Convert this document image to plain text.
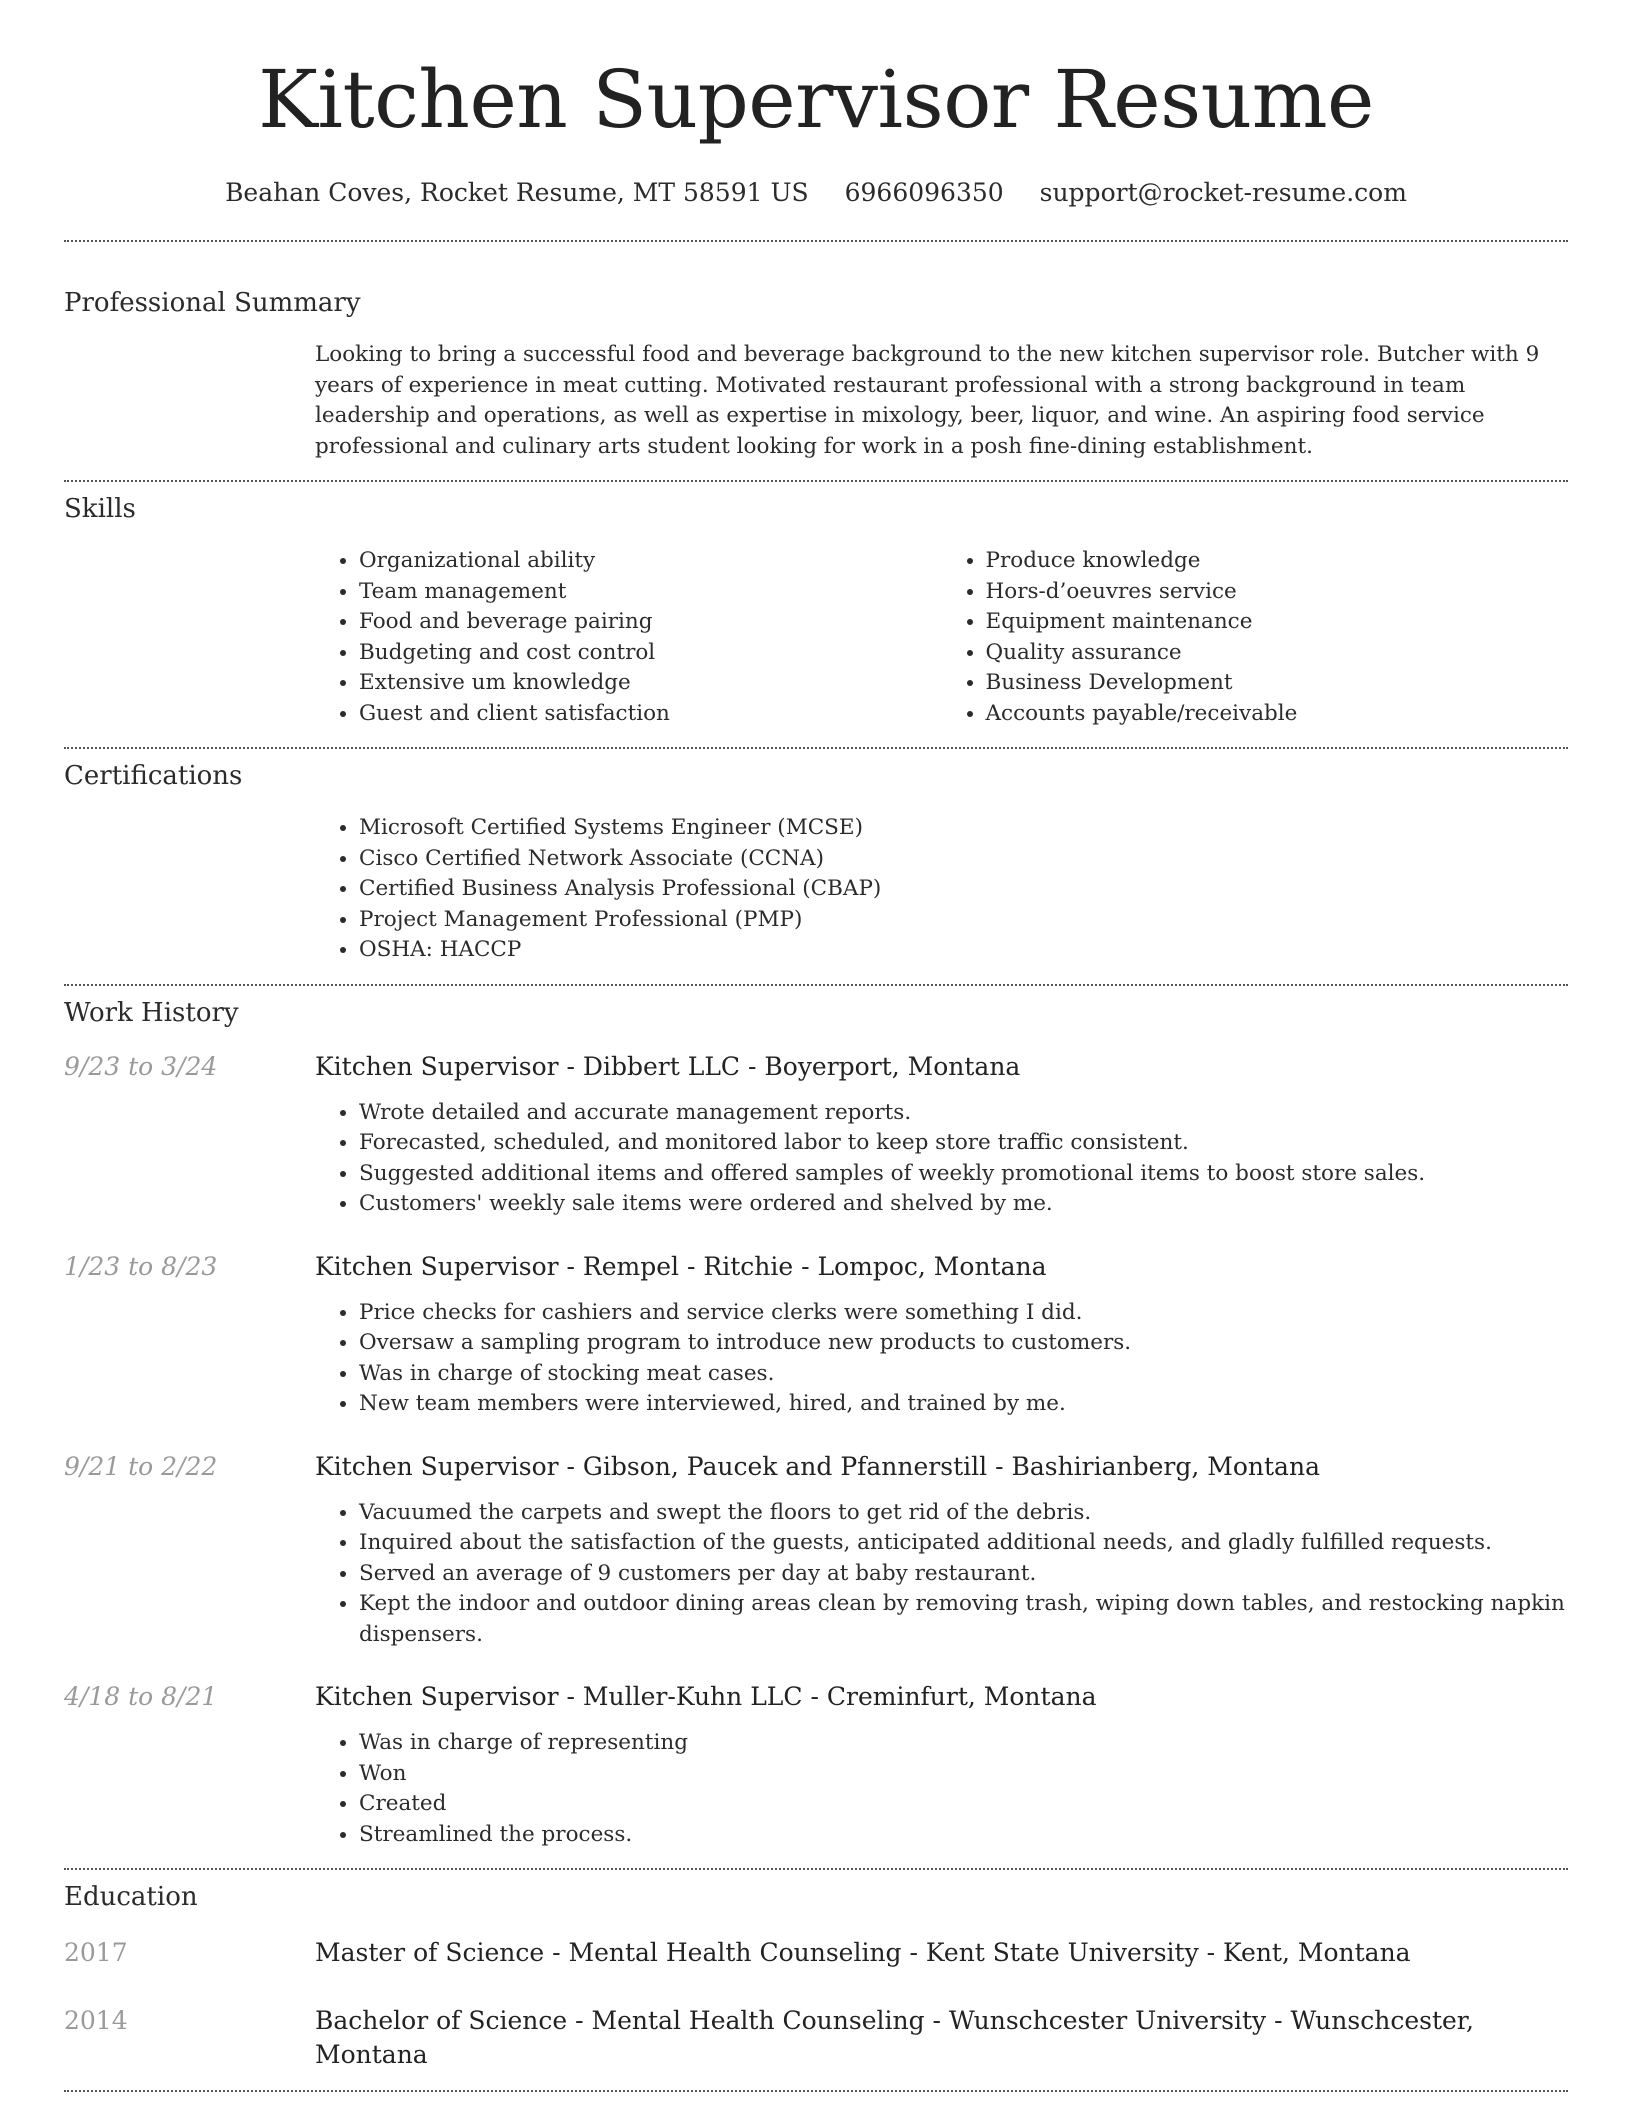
Kitchen Supervisor Resume
Beahan Coves, Rocket Resume, MT 58591 US 6966096350 support@rocket-resume.com
Professional Summary
Looking to bring a successful food and beverage background to the new kitchen supervisor role. Butcher with 9 years of experience in meat cutting. Motivated restaurant professional with a strong background in team leadership and operations, as well as expertise in mixology, beer, liquor, and wine. An aspiring food service professional and culinary arts student looking for work in a posh fine-dining establishment.
Skills
• Organizational ability
• Team management
• Food and beverage pairing
• Budgeting and cost control
• Extensive um knowledge
• Guest and client satisfaction
• Produce knowledge
• Hors-d’oeuvres service
• Equipment maintenance
• Quality assurance
• Business Development
• Accounts payable/receivable
Certifications
• Microsoft Certified Systems Engineer (MCSE)
• Cisco Certified Network Associate (CCNA)
• Certified Business Analysis Professional (CBAP)
• Project Management Professional (PMP)
• OSHA: HACCP
Work History
9/23 to 3/24	Kitchen Supervisor - Dibbert LLC - Boyerport, Montana
• Wrote detailed and accurate management reports.
• Forecasted, scheduled, and monitored labor to keep store traffic consistent.
• Suggested additional items and offered samples of weekly promotional items to boost store sales.
• Customers' weekly sale items were ordered and shelved by me.
1/23 to 8/23	Kitchen Supervisor - Rempel - Ritchie - Lompoc, Montana
• Price checks for cashiers and service clerks were something I did.
• Oversaw a sampling program to introduce new products to customers.
• Was in charge of stocking meat cases.
• New team members were interviewed, hired, and trained by me.
9/21 to 2/22	Kitchen Supervisor - Gibson, Paucek and Pfannerstill - Bashirianberg, Montana
• Vacuumed the carpets and swept the floors to get rid of the debris.
• Inquired about the satisfaction of the guests, anticipated additional needs, and gladly fulfilled requests.
• Served an average of 9 customers per day at baby restaurant.
• Kept the indoor and outdoor dining areas clean by removing trash, wiping down tables, and restocking napkin dispensers.
4/18 to 8/21	Kitchen Supervisor - Muller-Kuhn LLC - Creminfurt, Montana
• Was in charge of representing
• Won
• Created
• Streamlined the process.
Education
2017	Master of Science - Mental Health Counseling - Kent State University - Kent, Montana
2014	Bachelor of Science - Mental Health Counseling - Wunschcester University - Wunschcester, Montana
